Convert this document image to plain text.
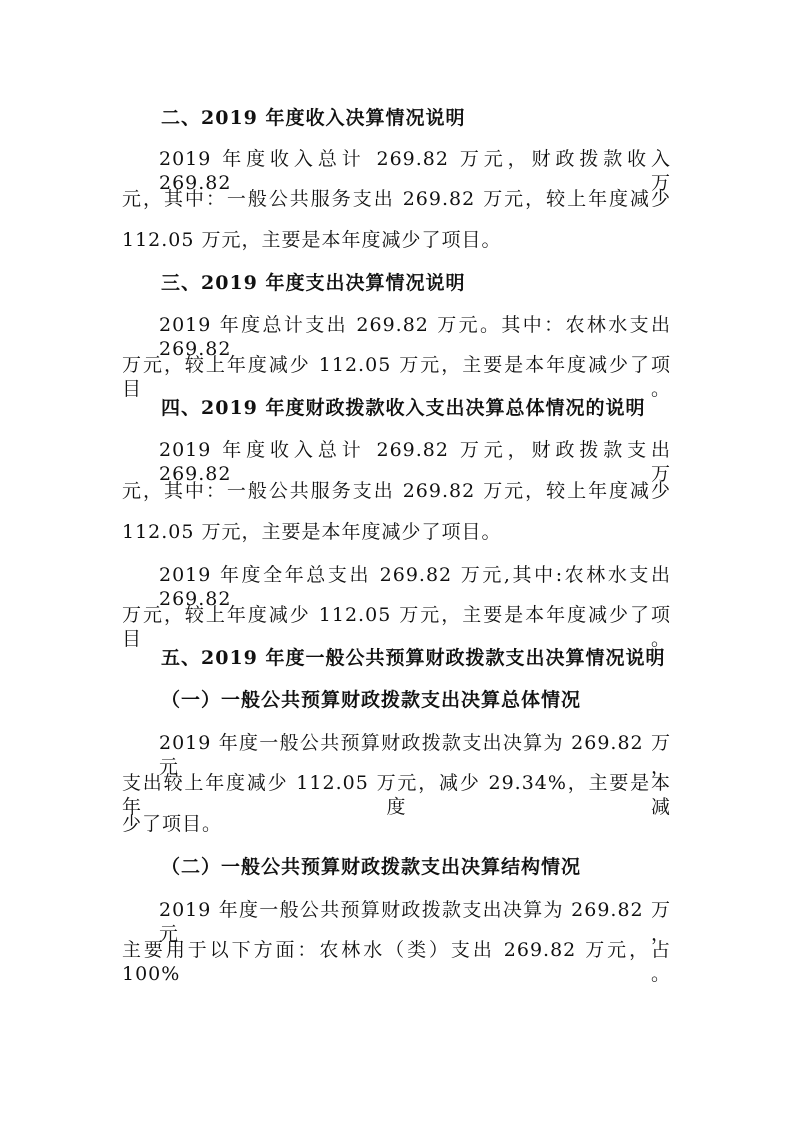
二、2019 年度收入决算情况说明
2019 年度收入总计 269.82 万元，财政拨款收入 269.82 万
元，其中：一般公共服务支出 269.82 万元，较上年度减少
112.05 万元，主要是本年度减少了项目。
三、2019 年度支出决算情况说明
2019 年度总计支出 269.82 万元。其中：农林水支出 269.82
万元，较上年度减少 112.05 万元，主要是本年度减少了项目。
四、2019 年度财政拨款收入支出决算总体情况的说明
2019 年度收入总计 269.82 万元，财政拨款支出 269.82 万
元，其中：一般公共服务支出 269.82 万元，较上年度减少
112.05 万元，主要是本年度减少了项目。
2019 年度全年总支出 269.82 万元,其中:农林水支出 269.82
万元，较上年度减少 112.05 万元，主要是本年度减少了项目。
五、2019 年度一般公共预算财政拨款支出决算情况说明
（一）一般公共预算财政拨款支出决算总体情况
2019 年度一般公共预算财政拨款支出决算为 269.82 万元，
支出较上年度减少 112.05 万元，减少 29.34%，主要是本年度减
少了项目。
（二）一般公共预算财政拨款支出决算结构情况
2019 年度一般公共预算财政拨款支出决算为 269.82 万元，
主要用于以下方面：农林水（类）支出 269.82 万元，占 100%。
